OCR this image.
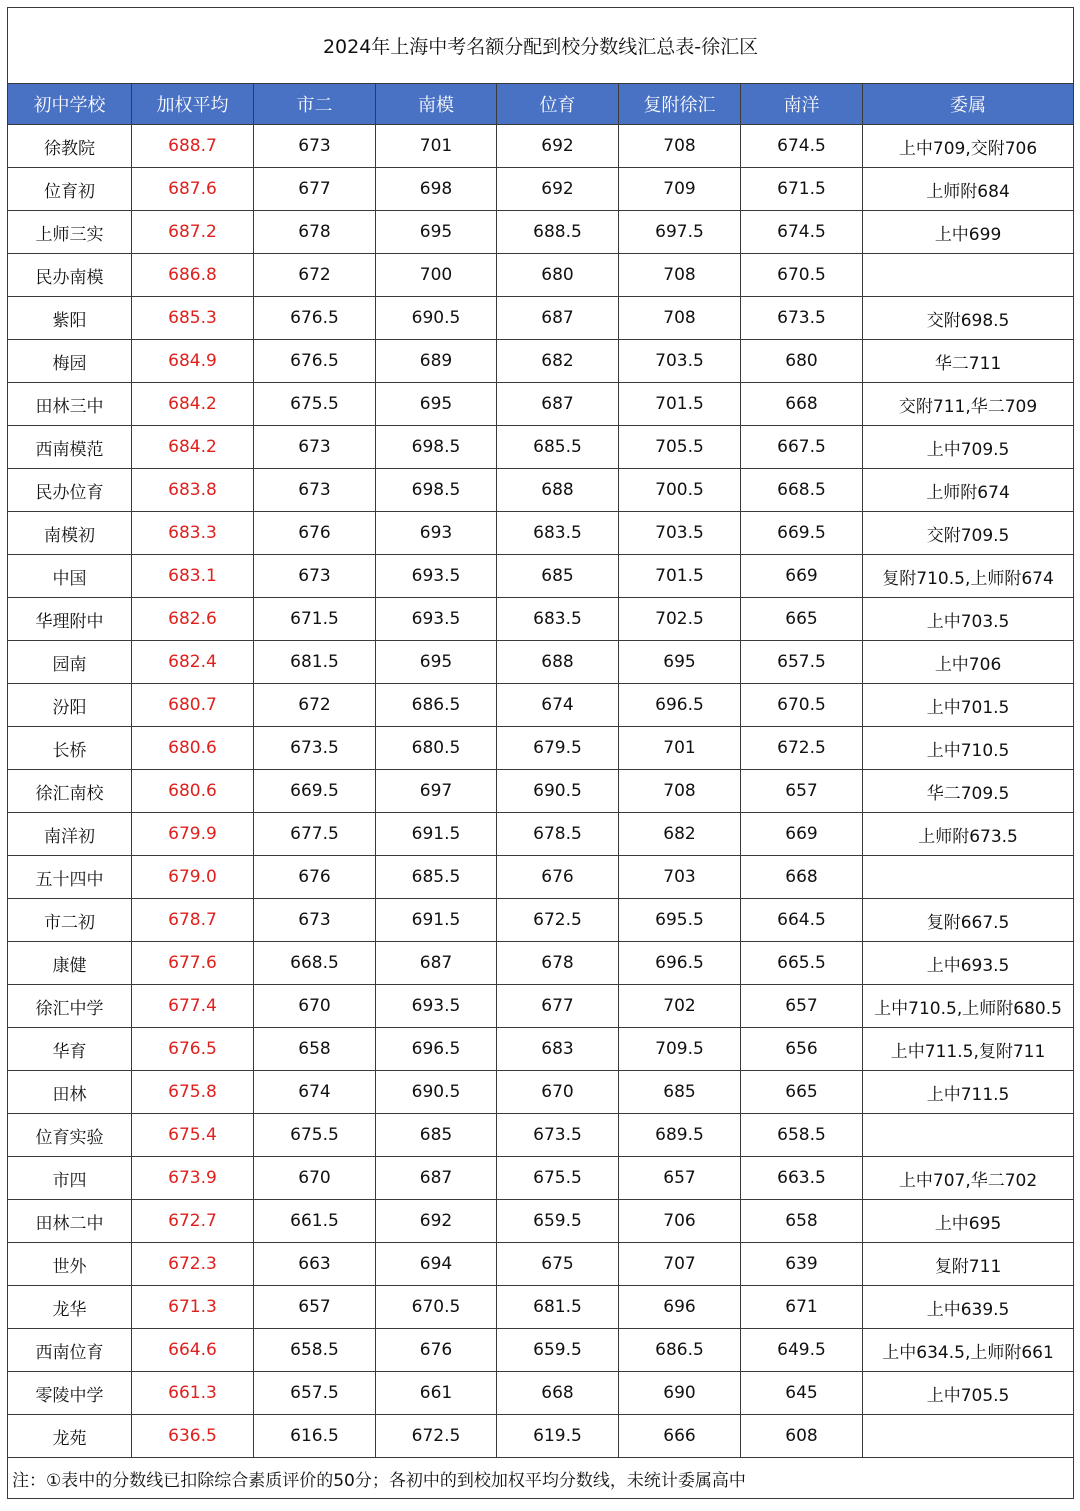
2024年上海中考名额分配到校分数线汇总表-徐汇区							
初中学校	加权平均	市二	南模	位育	复附徐汇	南洋	委属
徐教院	688.7	673	701	692	708	674.5	上中709,交附706
位育初	687.6	677	698	692	709	671.5	上师附684
上师三实	687.2	678	695	688.5	697.5	674.5	上中699
民办南模	686.8	672	700	680	708	670.5	
紫阳	685.3	676.5	690.5	687	708	673.5	交附698.5
梅园	684.9	676.5	689	682	703.5	680	华二711
田林三中	684.2	675.5	695	687	701.5	668	交附711,华二709
西南模范	684.2	673	698.5	685.5	705.5	667.5	上中709.5
民办位育	683.8	673	698.5	688	700.5	668.5	上师附674
南模初	683.3	676	693	683.5	703.5	669.5	交附709.5
中国	683.1	673	693.5	685	701.5	669	复附710.5,上师附674
华理附中	682.6	671.5	693.5	683.5	702.5	665	上中703.5
园南	682.4	681.5	695	688	695	657.5	上中706
汾阳	680.7	672	686.5	674	696.5	670.5	上中701.5
长桥	680.6	673.5	680.5	679.5	701	672.5	上中710.5
徐汇南校	680.6	669.5	697	690.5	708	657	华二709.5
南洋初	679.9	677.5	691.5	678.5	682	669	上师附673.5
五十四中	679.0	676	685.5	676	703	668	
市二初	678.7	673	691.5	672.5	695.5	664.5	复附667.5
康健	677.6	668.5	687	678	696.5	665.5	上中693.5
徐汇中学	677.4	670	693.5	677	702	657	上中710.5,上师附680.5
华育	676.5	658	696.5	683	709.5	656	上中711.5,复附711
田林	675.8	674	690.5	670	685	665	上中711.5
位育实验	675.4	675.5	685	673.5	689.5	658.5	
市四	673.9	670	687	675.5	657	663.5	上中707,华二702
田林二中	672.7	661.5	692	659.5	706	658	上中695
世外	672.3	663	694	675	707	639	复附711
龙华	671.3	657	670.5	681.5	696	671	上中639.5
西南位育	664.6	658.5	676	659.5	686.5	649.5	上中634.5,上师附661
零陵中学	661.3	657.5	661	668	690	645	上中705.5
龙苑	636.5	616.5	672.5	619.5	666	608	
注：①表中的分数线已扣除综合素质评价的50分；各初中的到校加权平均分数线，未统计委属高中							
